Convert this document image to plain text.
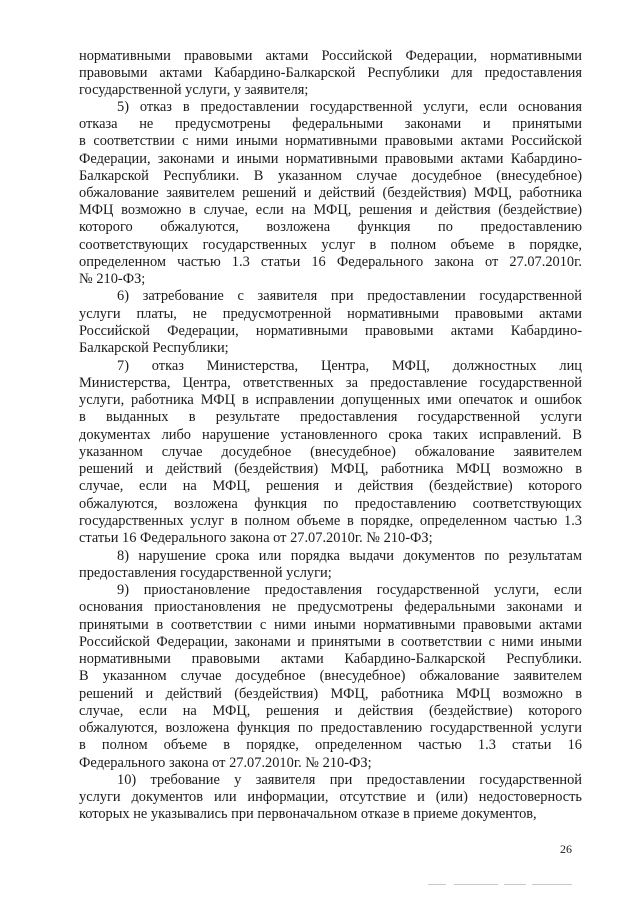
нормативными правовыми актами Российской Федерации, нормативными
правовыми актами Кабардино-Балкарской Республики для предоставления
государственной услуги, у заявителя;
5) отказ в предоставлении государственной услуги, если основания
отказа не предусмотрены федеральными законами и принятыми
в соответствии с ними иными нормативными правовыми актами Российской
Федерации, законами и иными нормативными правовыми актами Кабардино-
Балкарской Республики. В указанном случае досудебное (внесудебное)
обжалование заявителем решений и действий (бездействия) МФЦ, работника
МФЦ возможно в случае, если на МФЦ, решения и действия (бездействие)
которого обжалуются, возложена функция по предоставлению
соответствующих государственных услуг в полном объеме в порядке,
определенном частью 1.3 статьи 16 Федерального закона от 27.07.2010г.
№ 210-ФЗ;
6) затребование с заявителя при предоставлении государственной
услуги платы, не предусмотренной нормативными правовыми актами
Российской Федерации, нормативными правовыми актами Кабардино-
Балкарской Республики;
7) отказ Министерства, Центра, МФЦ, должностных лиц
Министерства, Центра, ответственных за предоставление государственной
услуги, работника МФЦ в исправлении допущенных ими опечаток и ошибок
в выданных в результате предоставления государственной услуги
документах либо нарушение установленного срока таких исправлений. В
указанном случае досудебное (внесудебное) обжалование заявителем
решений и действий (бездействия) МФЦ, работника МФЦ возможно в
случае, если на МФЦ, решения и действия (бездействие) которого
обжалуются, возложена функция по предоставлению соответствующих
государственных услуг в полном объеме в порядке, определенном частью 1.3
статьи 16 Федерального закона от 27.07.2010г. № 210-ФЗ;
8) нарушение срока или порядка выдачи документов по результатам
предоставления государственной услуги;
9) приостановление предоставления государственной услуги, если
основания приостановления не предусмотрены федеральными законами и
принятыми в соответствии с ними иными нормативными правовыми актами
Российской Федерации, законами и принятыми в соответствии с ними иными
нормативными правовыми актами Кабардино-Балкарской Республики.
В указанном случае досудебное (внесудебное) обжалование заявителем
решений и действий (бездействия) МФЦ, работника МФЦ возможно в
случае, если на МФЦ, решения и действия (бездействие) которого
обжалуются, возложена функция по предоставлению государственной услуги
в полном объеме в порядке, определенном частью 1.3 статьи 16
Федерального закона от 27.07.2010г. № 210-ФЗ;
10) требование у заявителя при предоставлении государственной
услуги документов или информации, отсутствие и (или) недостоверность
которых не указывались при первоначальном отказе в приеме документов,
26
